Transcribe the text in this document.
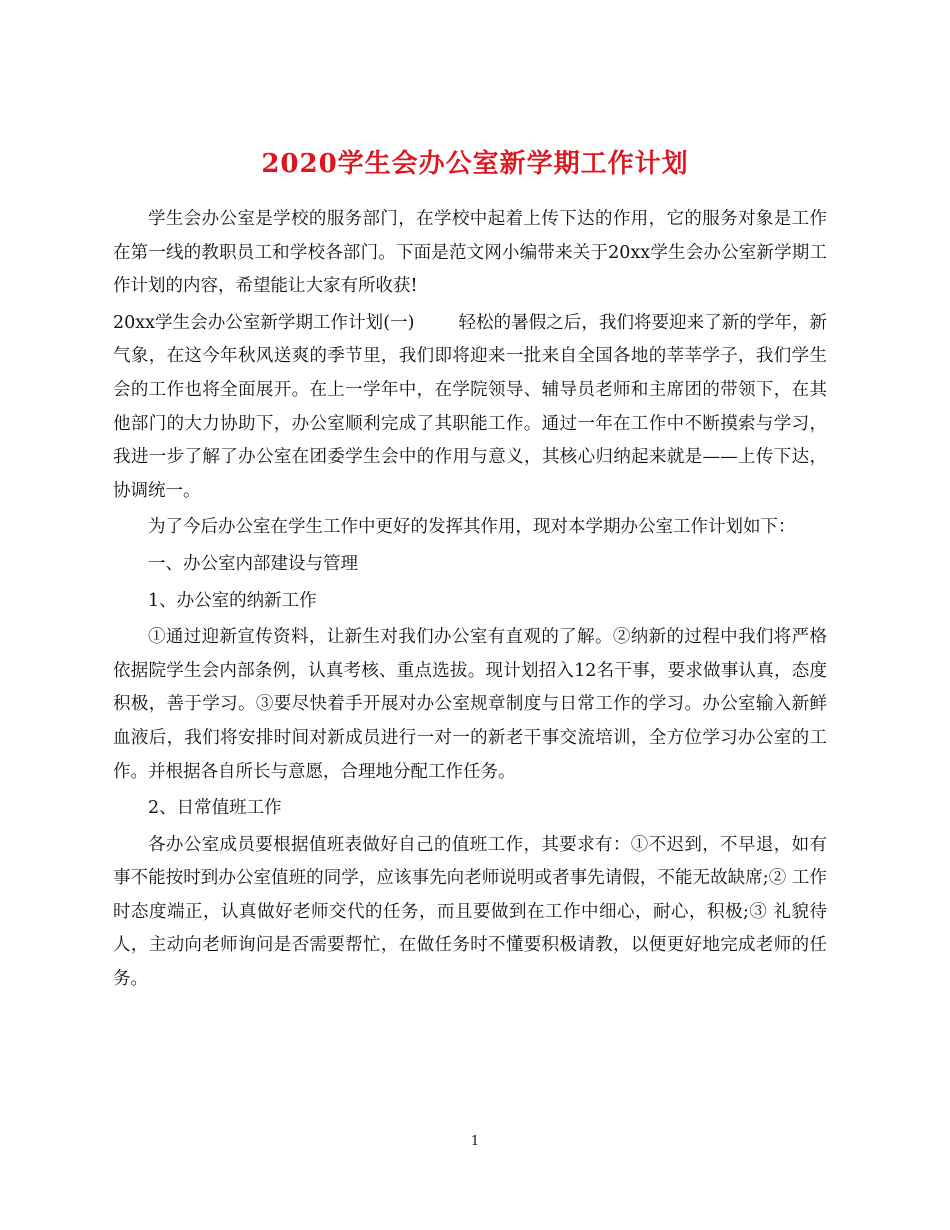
2020学生会办公室新学期工作计划

学生会办公室是学校的服务部门，在学校中起着上传下达的作用，它的服务对象是工作在第一线的教职员工和学校各部门。下面是范文网小编带来关于20xx学生会办公室新学期工作计划的内容，希望能让大家有所收获!

20xx学生会办公室新学期工作计划(一)	轻松的暑假之后，我们将要迎来了新的学年，新气象，在这今年秋风送爽的季节里，我们即将迎来一批来自全国各地的莘莘学子，我们学生会的工作也将全面展开。在上一学年中，在学院领导、辅导员老师和主席团的带领下，在其他部门的大力协助下，办公室顺利完成了其职能工作。通过一年在工作中不断摸索与学习，我进一步了解了办公室在团委学生会中的作用与意义，其核心归纳起来就是——上传下达，协调统一。

为了今后办公室在学生工作中更好的发挥其作用，现对本学期办公室工作计划如下：

一、办公室内部建设与管理

1、办公室的纳新工作

①通过迎新宣传资料，让新生对我们办公室有直观的了解。②纳新的过程中我们将严格依据院学生会内部条例，认真考核、重点选拔。现计划招入12名干事，要求做事认真，态度积极，善于学习。③要尽快着手开展对办公室规章制度与日常工作的学习。办公室输入新鲜血液后，我们将安排时间对新成员进行一对一的新老干事交流培训，全方位学习办公室的工作。并根据各自所长与意愿，合理地分配工作任务。

2、日常值班工作

各办公室成员要根据值班表做好自己的值班工作，其要求有：①不迟到，不早退，如有事不能按时到办公室值班的同学，应该事先向老师说明或者事先请假，不能无故缺席;② 工作时态度端正，认真做好老师交代的任务，而且要做到在工作中细心，耐心，积极;③ 礼貌待人，主动向老师询问是否需要帮忙，在做任务时不懂要积极请教，以便更好地完成老师的任务。

1
